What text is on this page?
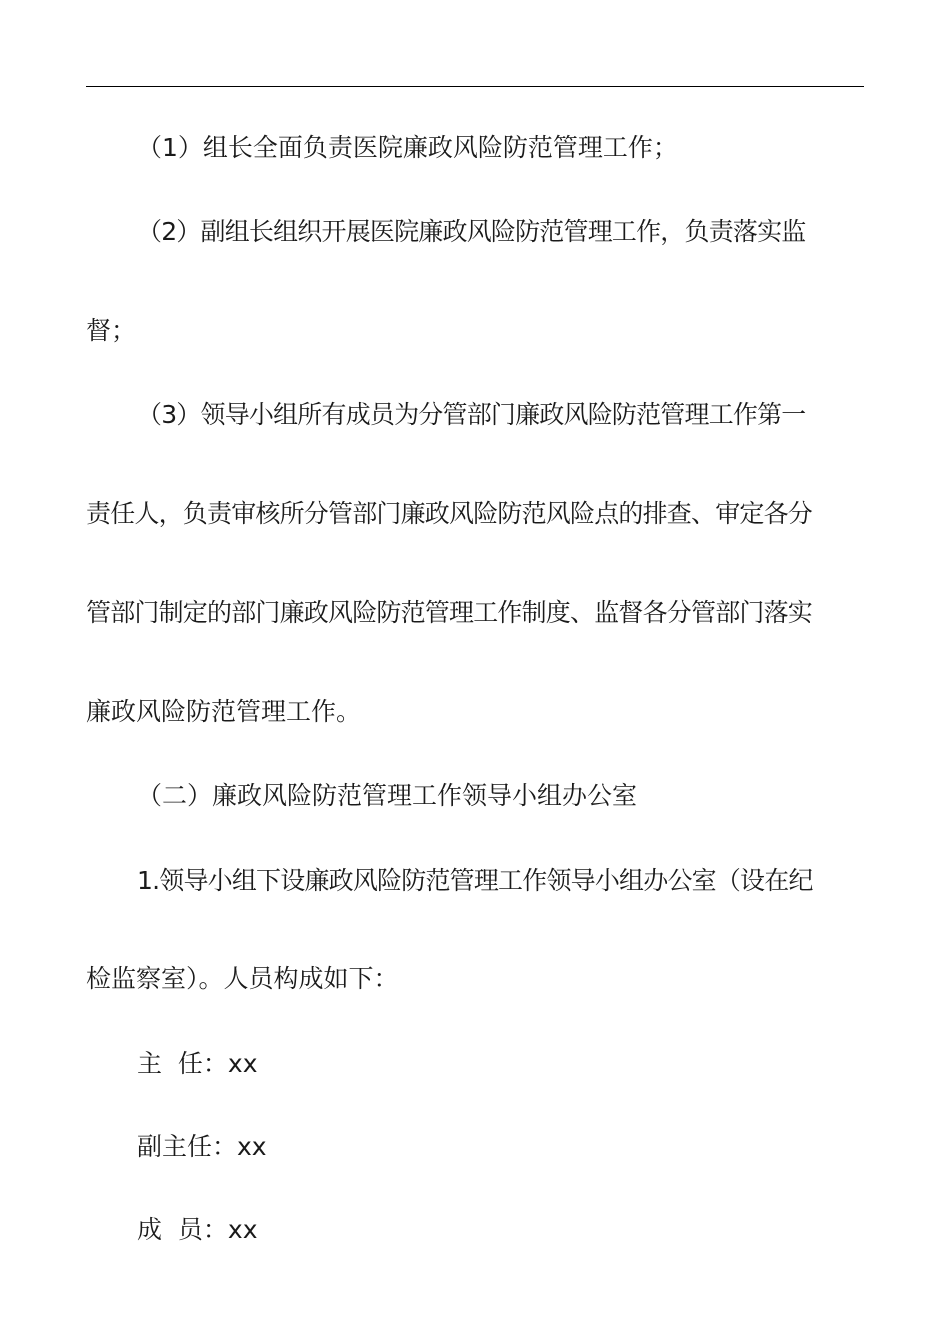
（1）组长全面负责医院廉政风险防范管理工作；
（2）副组长组织开展医院廉政风险防范管理工作，负责落实监
督；
（3）领导小组所有成员为分管部门廉政风险防范管理工作第一
责任人，负责审核所分管部门廉政风险防范风险点的排查、审定各分
管部门制定的部门廉政风险防范管理工作制度、监督各分管部门落实
廉政风险防范管理工作。
（二）廉政风险防范管理工作领导小组办公室
1.领导小组下设廉政风险防范管理工作领导小组办公室（设在纪
检监察室）。人员构成如下：
主  任：xx
副主任：xx
成  员：xx
